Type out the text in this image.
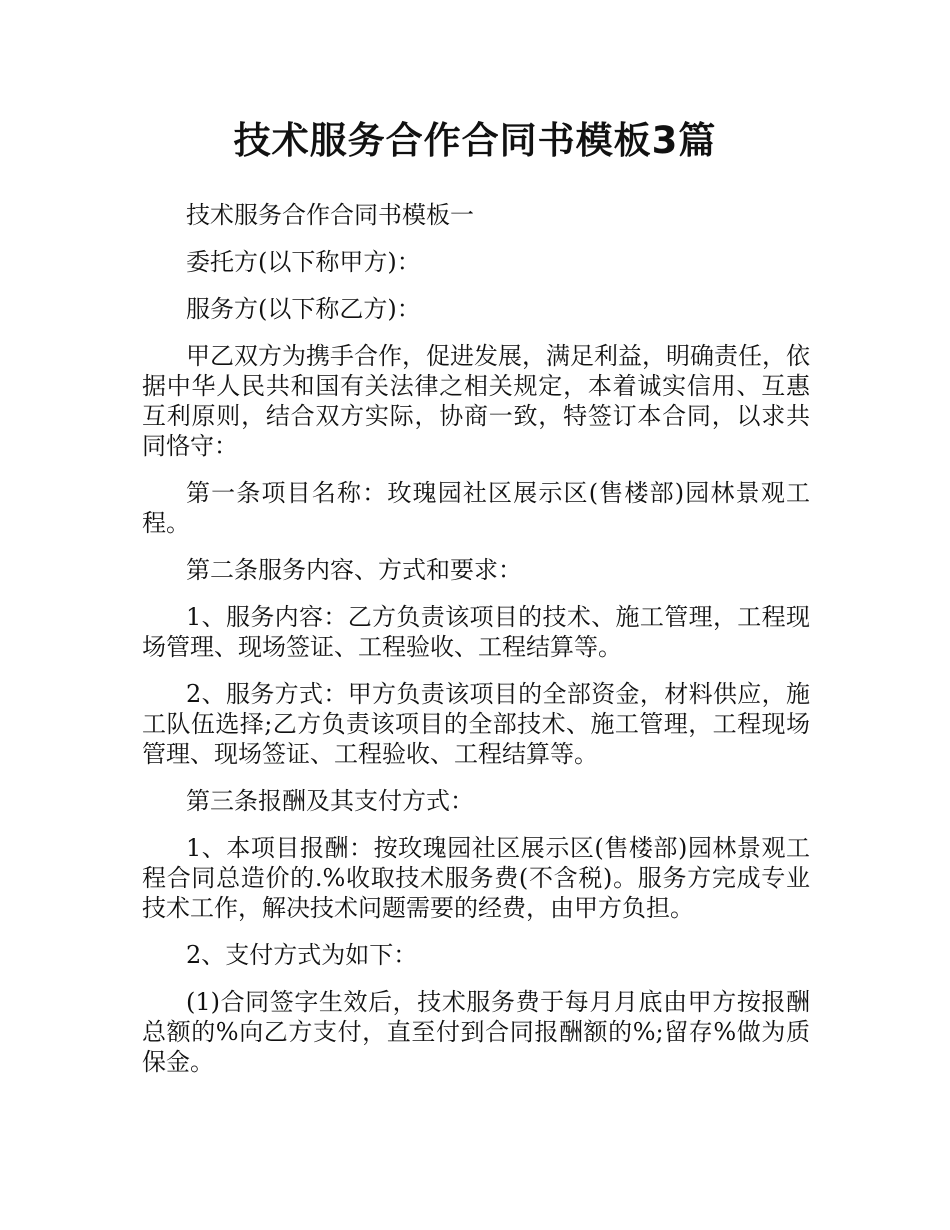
技术服务合作合同书模板3篇

技术服务合作合同书模板一

委托方(以下称甲方)：

服务方(以下称乙方)：

甲乙双方为携手合作，促进发展，满足利益，明确责任，依据中华人民共和国有关法律之相关规定，本着诚实信用、互惠互利原则，结合双方实际，协商一致，特签订本合同，以求共同恪守：

第一条项目名称：玫瑰园社区展示区(售楼部)园林景观工程。

第二条服务内容、方式和要求：

1、服务内容：乙方负责该项目的技术、施工管理，工程现场管理、现场签证、工程验收、工程结算等。

2、服务方式：甲方负责该项目的全部资金，材料供应，施工队伍选择;乙方负责该项目的全部技术、施工管理，工程现场管理、现场签证、工程验收、工程结算等。

第三条报酬及其支付方式：

1、本项目报酬：按玫瑰园社区展示区(售楼部)园林景观工程合同总造价的.%收取技术服务费(不含税)。服务方完成专业技术工作，解决技术问题需要的经费，由甲方负担。

2、支付方式为如下：

(1)合同签字生效后，技术服务费于每月月底由甲方按报酬总额的%向乙方支付，直至付到合同报酬额的%;留存%做为质保金。
